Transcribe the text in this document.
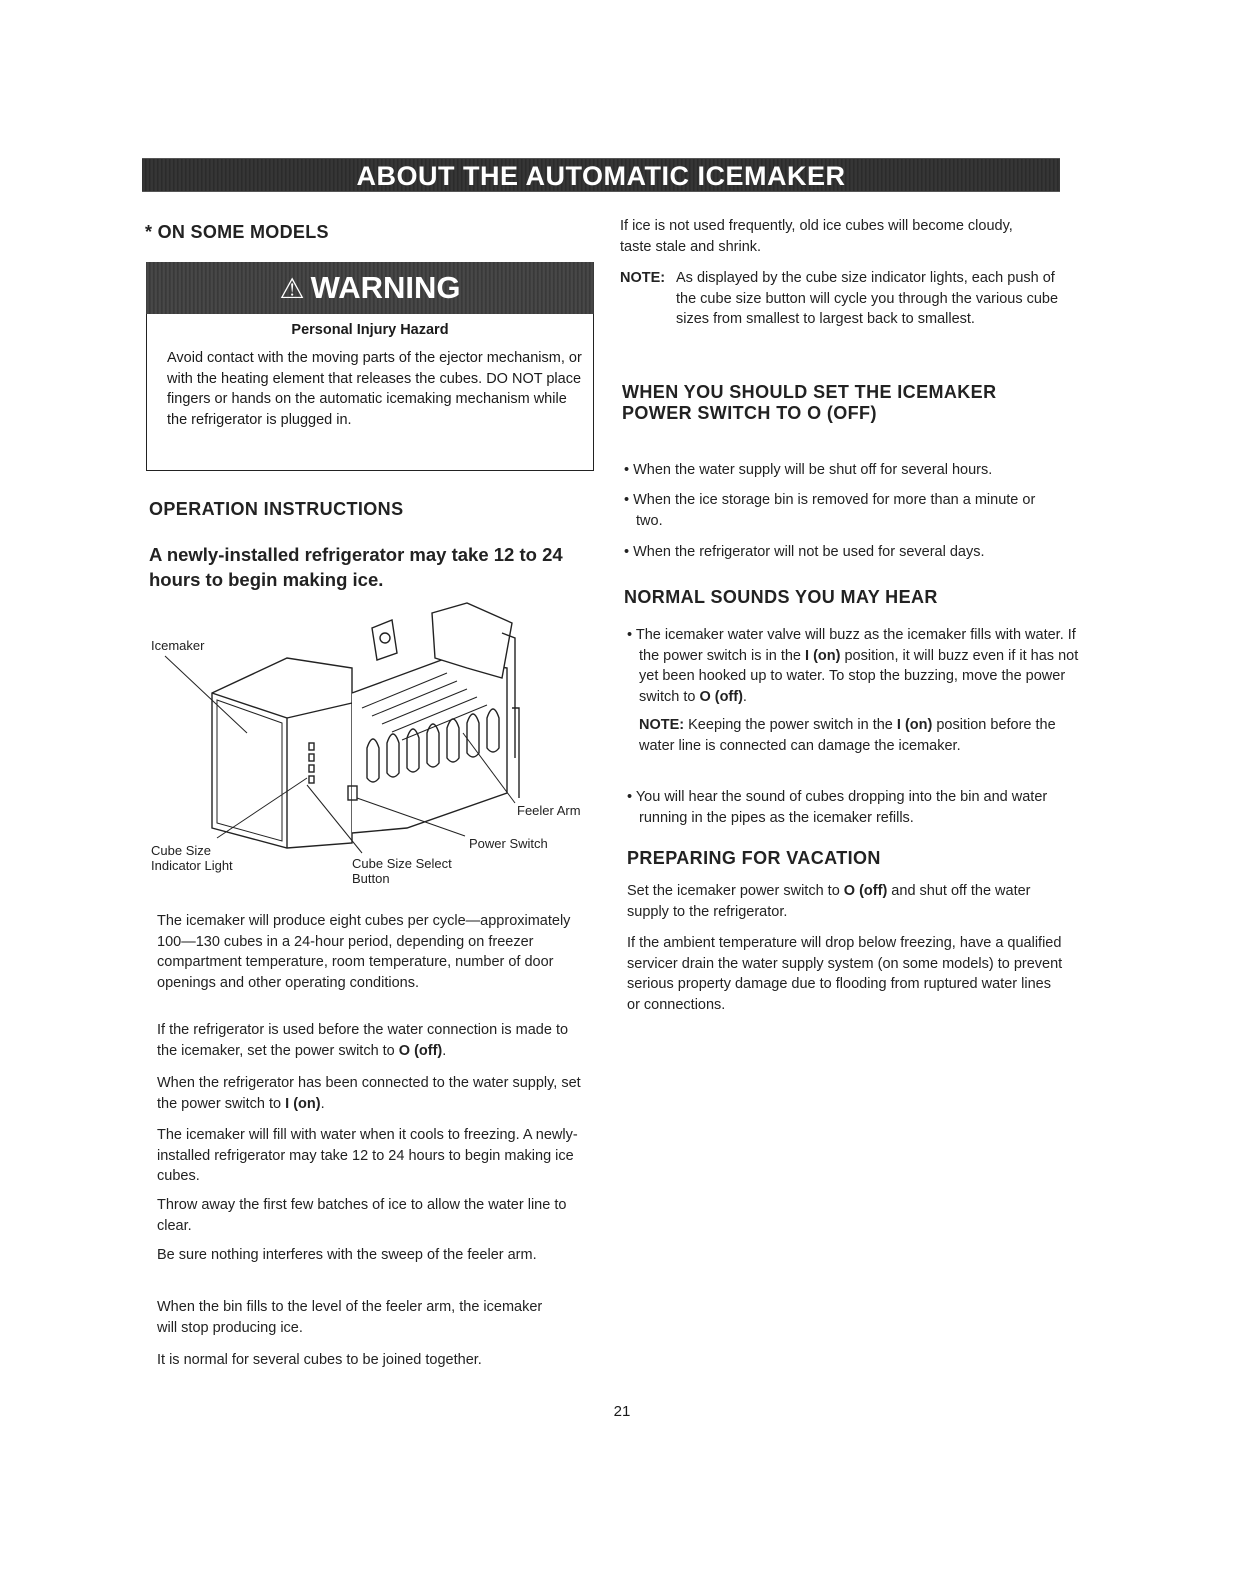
ABOUT THE AUTOMATIC ICEMAKER
* ON SOME MODELS
⚠ WARNING
Personal Injury Hazard
Avoid contact with the moving parts of the ejector mechanism, or with the heating element that releases the cubes. DO NOT place fingers or hands on the automatic icemaking mechanism while the refrigerator is plugged in.
OPERATION INSTRUCTIONS
A newly-installed refrigerator may take 12 to 24 hours to begin making ice.
Icemaker
Feeler Arm
Power Switch
Cube Size Indicator Light	Cube Size Select Button
The icemaker will produce eight cubes per cycle—approximately 100—130 cubes in a 24-hour period, depending on freezer compartment temperature, room temperature, number of door openings and other operating conditions.
If the refrigerator is used before the water connection is made to the icemaker, set the power switch to O (off).
When the refrigerator has been connected to the water supply, set the power switch to I (on).
The icemaker will fill with water when it cools to freezing. A newly-installed refrigerator may take 12 to 24 hours to begin making ice cubes.
Throw away the first few batches of ice to allow the water line to clear.
Be sure nothing interferes with the sweep of the feeler arm.
When the bin fills to the level of the feeler arm, the icemaker will stop producing ice.
It is normal for several cubes to be joined together.
If ice is not used frequently, old ice cubes will become cloudy, taste stale and shrink.
NOTE: As displayed by the cube size indicator lights, each push of the cube size button will cycle you through the various cube sizes from smallest to largest back to smallest.
WHEN YOU SHOULD SET THE ICEMAKER POWER SWITCH TO O (OFF)
• When the water supply will be shut off for several hours.
• When the ice storage bin is removed for more than a minute or two.
• When the refrigerator will not be used for several days.
NORMAL SOUNDS YOU MAY HEAR
• The icemaker water valve will buzz as the icemaker fills with water. If the power switch is in the I (on) position, it will buzz even if it has not yet been hooked up to water. To stop the buzzing, move the power switch to O (off).
NOTE: Keeping the power switch in the I (on) position before the water line is connected can damage the icemaker.
• You will hear the sound of cubes dropping into the bin and water running in the pipes as the icemaker refills.
PREPARING FOR VACATION
Set the icemaker power switch to O (off) and shut off the water supply to the refrigerator.
If the ambient temperature will drop below freezing, have a qualified servicer drain the water supply system (on some models) to prevent serious property damage due to flooding from ruptured water lines or connections.
21
